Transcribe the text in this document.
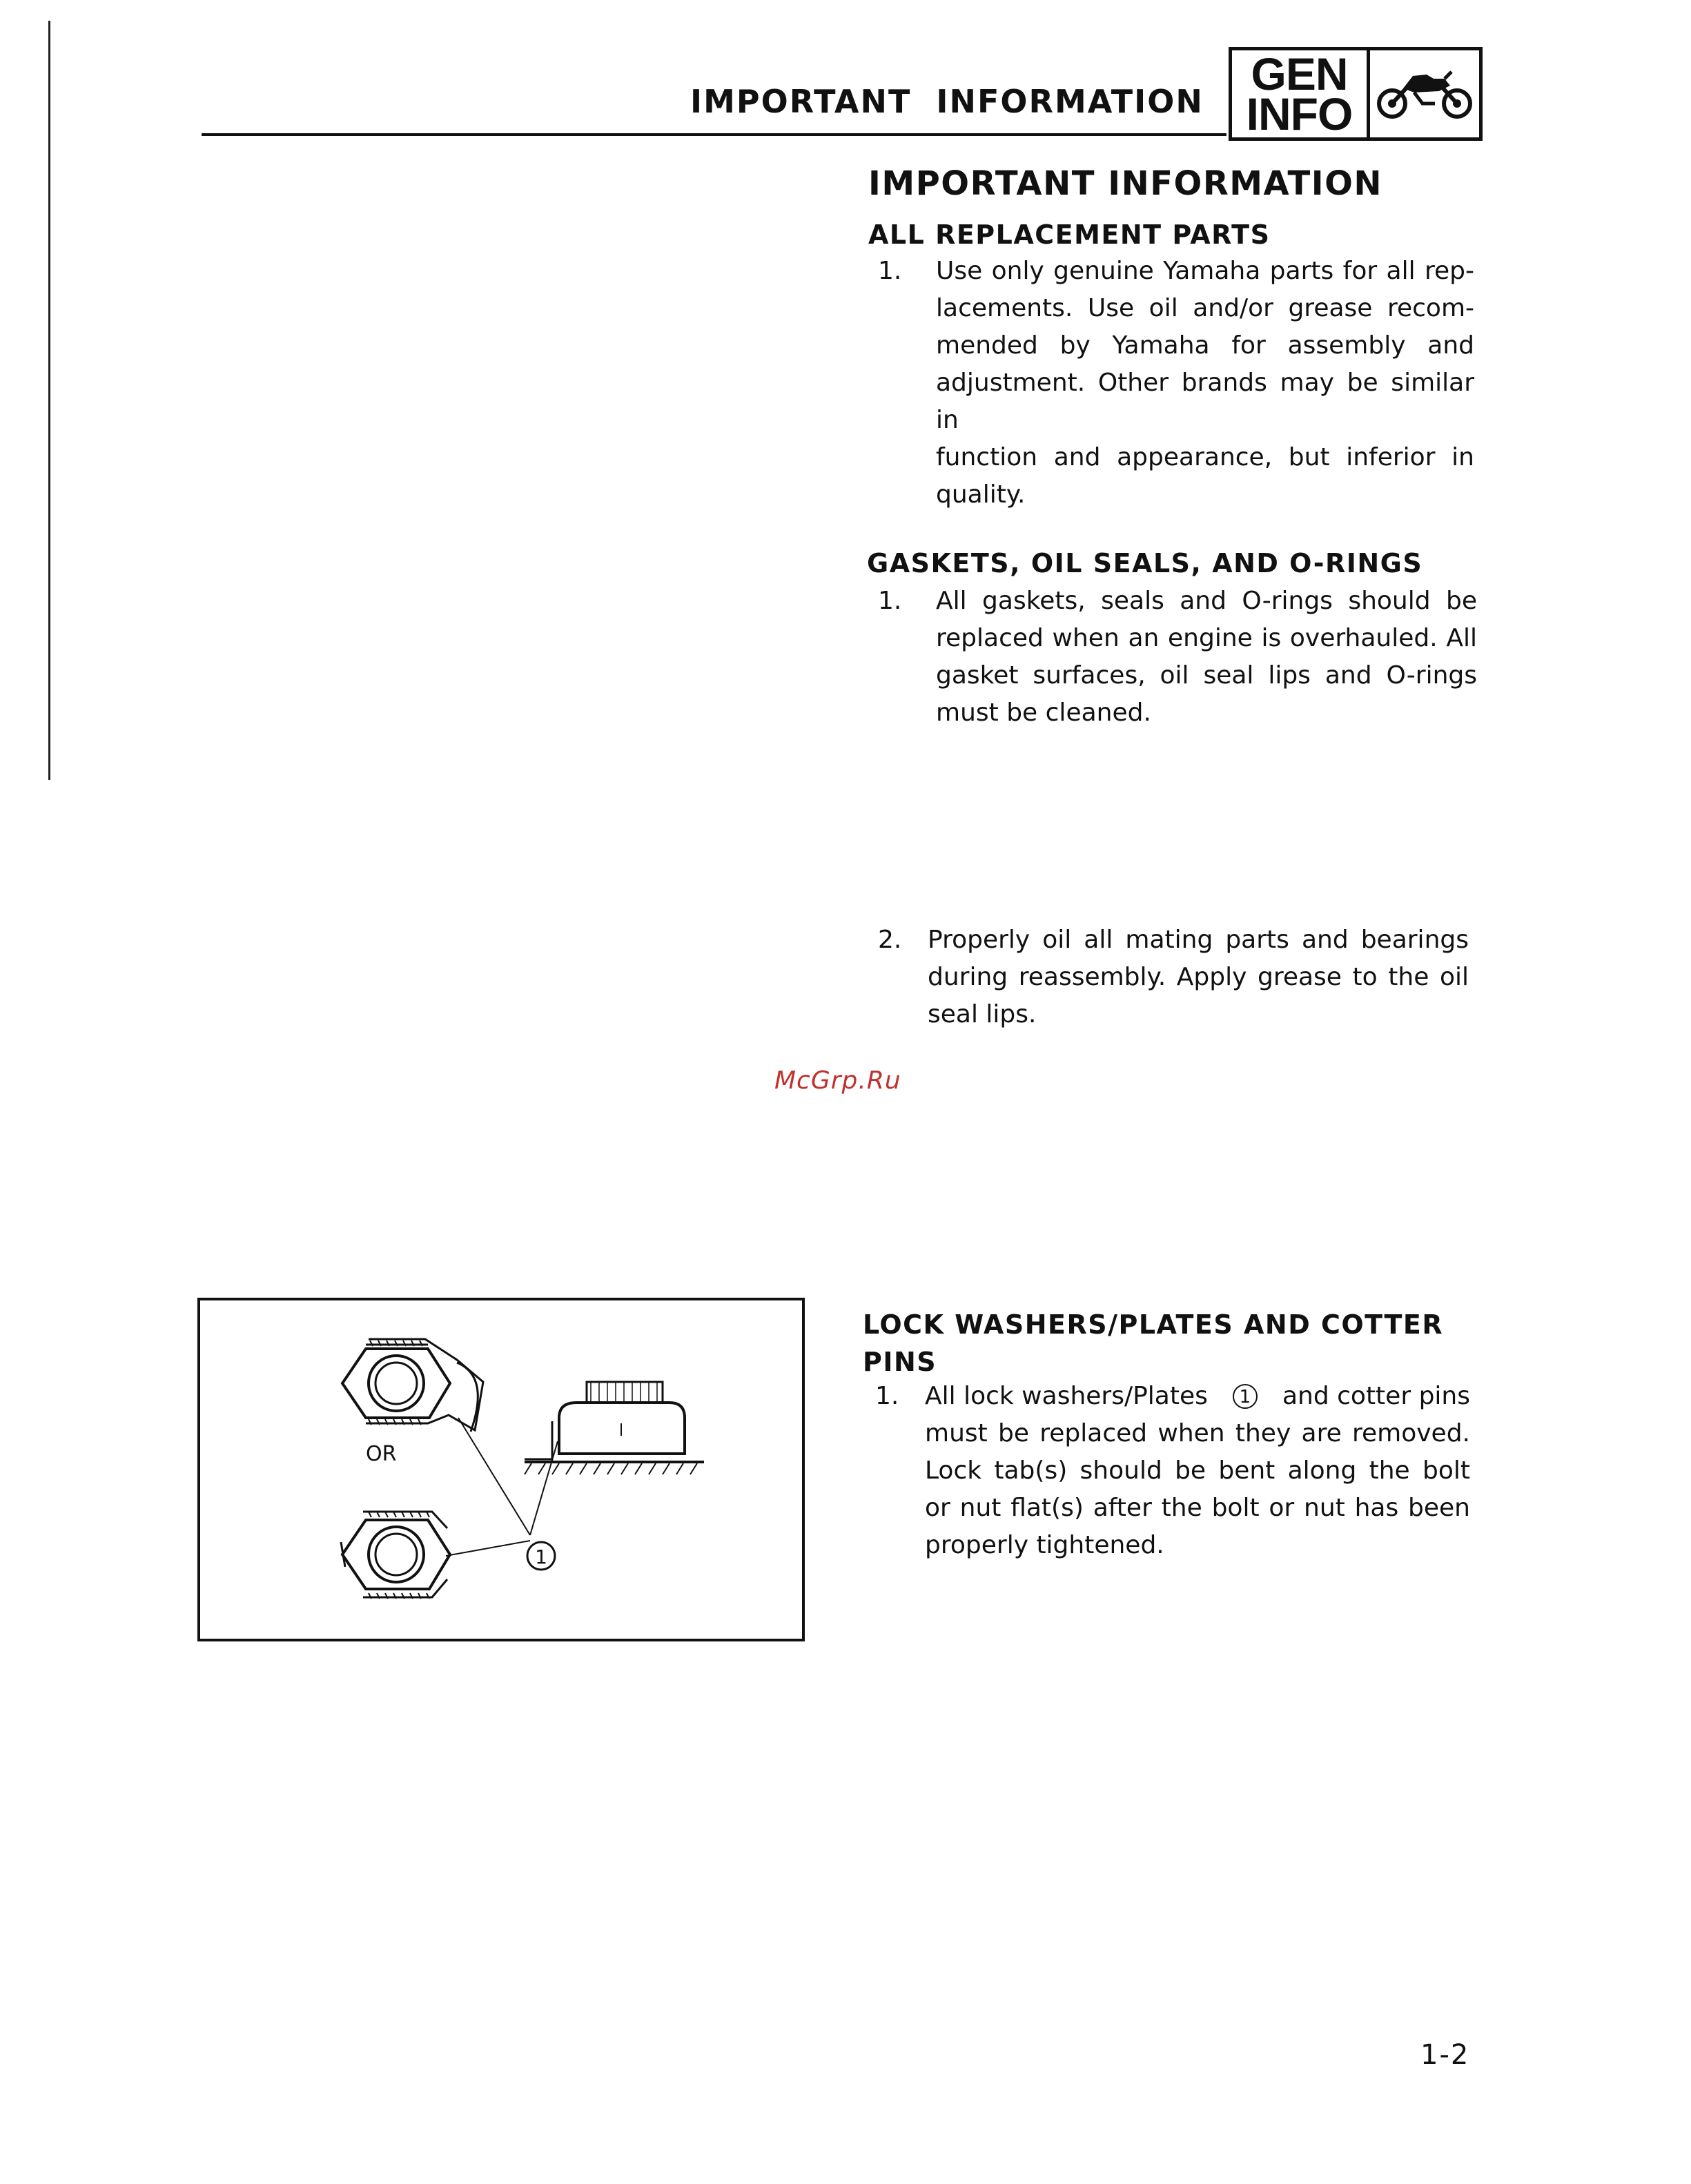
IMPORTANT  INFORMATION
GEN
INFO
IMPORTANT INFORMATION
ALL REPLACEMENT PARTS
1. Use only genuine Yamaha parts for all rep-
lacements. Use oil and/or grease recom-
mended by Yamaha for assembly and
adjustment. Other brands may be similar in
function and appearance, but inferior in
quality.
GASKETS, OIL SEALS, AND O-RINGS
1. All gaskets, seals and O-rings should be
replaced when an engine is overhauled. All
gasket surfaces, oil seal lips and O-rings
must be cleaned.
2. Properly oil all mating parts and bearings
during reassembly. Apply grease to the oil
seal lips.
McGrp.Ru
OR
1
LOCK WASHERS/PLATES AND COTTER
PINS
1. All lock washers/Plates	1 and cotter pins
must be replaced when they are removed.
Lock tab(s) should be bent along the bolt
or nut flat(s) after the bolt or nut has been
properly tightened.
1-2
